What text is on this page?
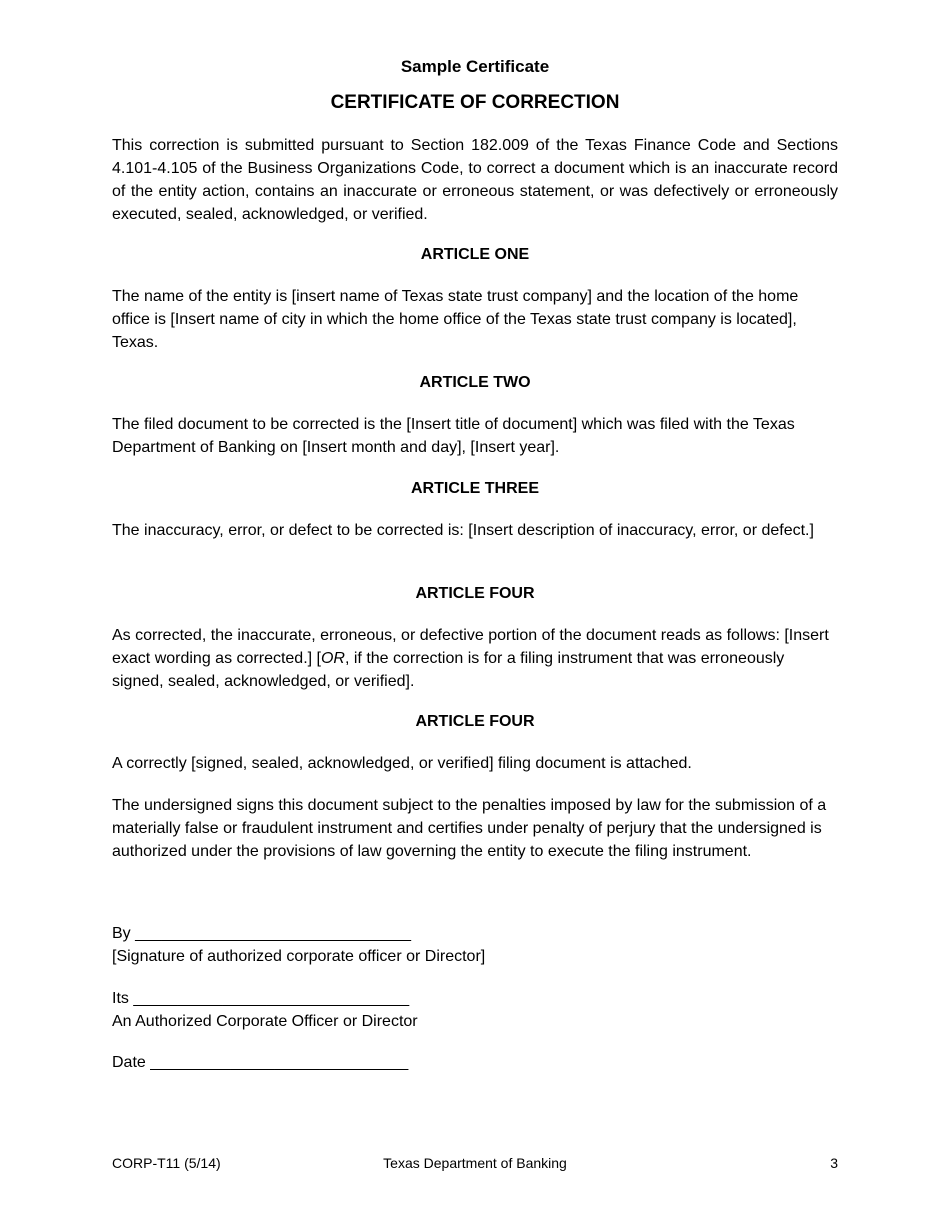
Sample Certificate
CERTIFICATE OF CORRECTION
This correction is submitted pursuant to Section 182.009 of the Texas Finance Code and Sections 4.101-4.105 of the Business Organizations Code, to correct a document which is an inaccurate record of the entity action, contains an inaccurate or erroneous statement, or was defectively or erroneously executed, sealed, acknowledged, or verified.
ARTICLE ONE
The name of the entity is [insert name of Texas state trust company] and the location of the home office is [Insert name of city in which the home office of the Texas state trust company is located], Texas.
ARTICLE TWO
The filed document to be corrected is the [Insert title of document] which was filed with the Texas Department of Banking on [Insert month and day], [Insert year].
ARTICLE THREE
The inaccuracy, error, or defect to be corrected is: [Insert description of inaccuracy, error, or defect.]
ARTICLE FOUR
As corrected, the inaccurate, erroneous, or defective portion of the document reads as follows: [Insert exact wording as corrected.] [OR, if the correction is for a filing instrument that was erroneously signed, sealed, acknowledged, or verified].
ARTICLE FOUR
A correctly [signed, sealed, acknowledged, or verified] filing document is attached.
The undersigned signs this document subject to the penalties imposed by law for the submission of a materially false or fraudulent instrument and certifies under penalty of perjury that the undersigned is authorized under the provisions of law governing the entity to execute the filing instrument.
By _______________________________
[Signature of authorized corporate officer or Director]
Its _______________________________
An Authorized Corporate Officer or Director
Date _____________________________
CORP-T11 (5/14)	Texas Department of Banking	3
